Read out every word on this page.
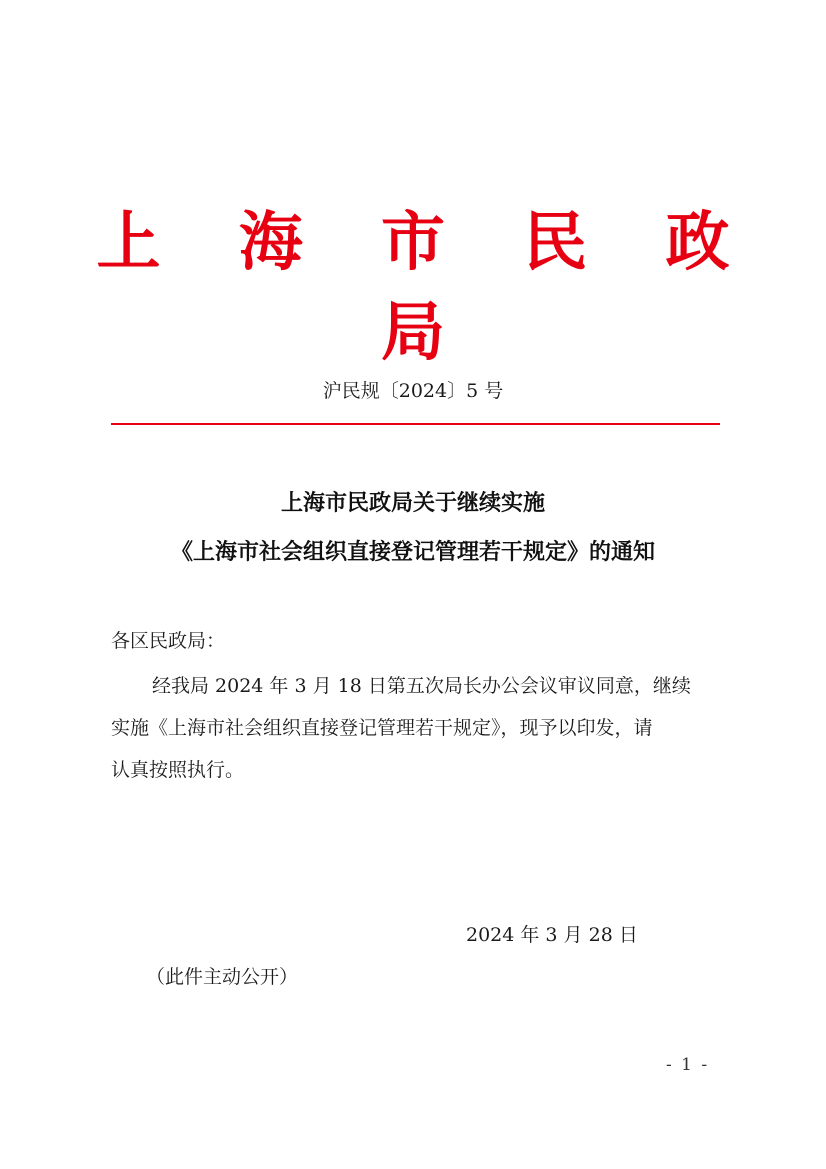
上 海 市 民 政 局
沪民规〔2024〕5 号
上海市民政局关于继续实施
《上海市社会组织直接登记管理若干规定》的通知
各区民政局：
经我局 2024 年 3 月 18 日第五次局长办公会议审议同意，继续
实施《上海市社会组织直接登记管理若干规定》，现予以印发，请
认真按照执行。
2024 年 3 月 28 日
（此件主动公开）
- 1 -
